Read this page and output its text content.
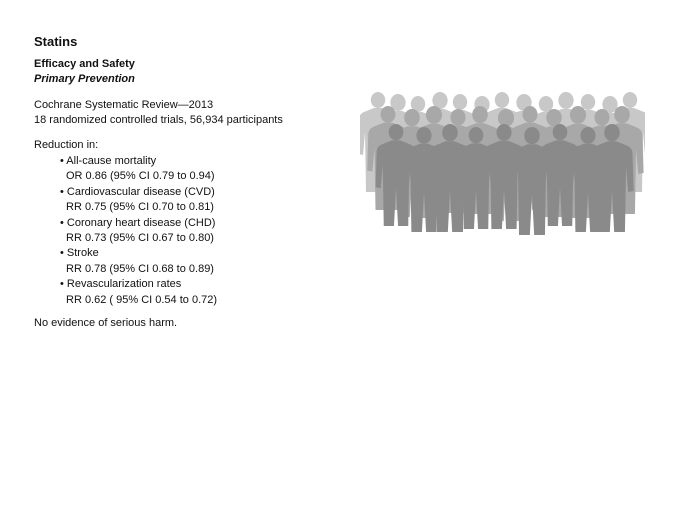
Statins
Efficacy and Safety
Primary Prevention
Cochrane Systematic Review—2013
18 randomized controlled trials, 56,934 participants
Reduction in:
• All-cause mortality
OR 0.86 (95% CI 0.79 to 0.94)
• Cardiovascular disease (CVD)
RR 0.75 (95% CI 0.70 to 0.81)
• Coronary heart disease (CHD)
RR 0.73 (95% CI 0.67 to 0.80)
• Stroke
RR 0.78 (95% CI 0.68 to 0.89)
• Revascularization rates
RR 0.62 ( 95% CI 0.54 to 0.72)
No evidence of serious harm.
